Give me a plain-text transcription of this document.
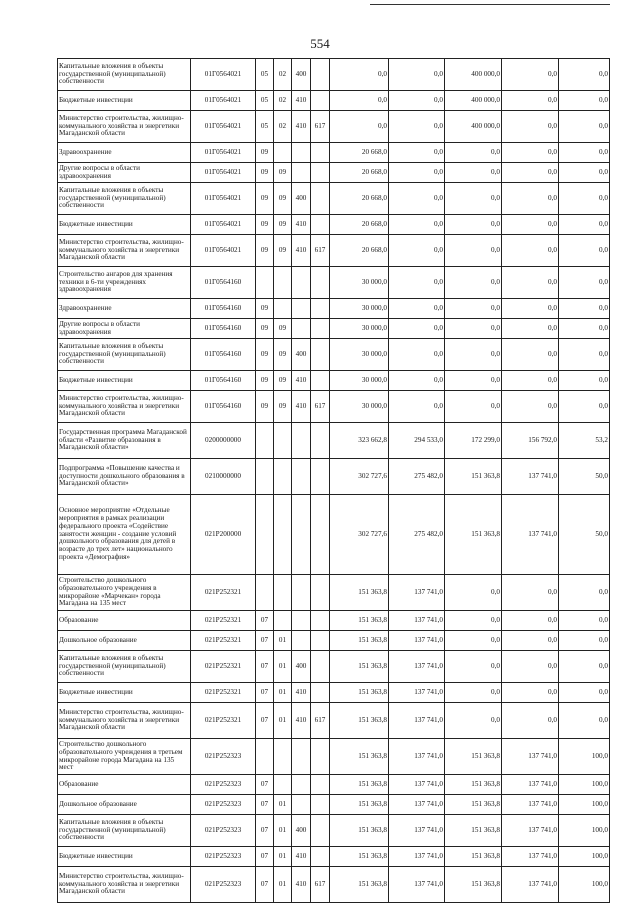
554
Капитальные вложения в объекты государственной (муниципальной) собственности	01Г0564021	05	02	400		0,0	0,0	400 000,0	0,0	0,0
Бюджетные инвестиции	01Г0564021	05	02	410		0,0	0,0	400 000,0	0,0	0,0
Министерство строительства, жилищно-коммунального хозяйства и энергетики Магаданской области	01Г0564021	05	02	410	617	0,0	0,0	400 000,0	0,0	0,0
Здравоохранение	01Г0564021	09				20 668,0	0,0	0,0	0,0	0,0
Другие вопросы в области здравоохранения	01Г0564021	09	09			20 668,0	0,0	0,0	0,0	0,0
Капитальные вложения в объекты государственной (муниципальной) собственности	01Г0564021	09	09	400		20 668,0	0,0	0,0	0,0	0,0
Бюджетные инвестиции	01Г0564021	09	09	410		20 668,0	0,0	0,0	0,0	0,0
Министерство строительства, жилищно-коммунального хозяйства и энергетики Магаданской области	01Г0564021	09	09	410	617	20 668,0	0,0	0,0	0,0	0,0
Строительство ангаров для хранения техники в 6-ти учреждениях здравоохранения	01Г0564160					30 000,0	0,0	0,0	0,0	0,0
Здравоохранение	01Г0564160	09				30 000,0	0,0	0,0	0,0	0,0
Другие вопросы в области здравоохранения	01Г0564160	09	09			30 000,0	0,0	0,0	0,0	0,0
Капитальные вложения в объекты государственной (муниципальной) собственности	01Г0564160	09	09	400		30 000,0	0,0	0,0	0,0	0,0
Бюджетные инвестиции	01Г0564160	09	09	410		30 000,0	0,0	0,0	0,0	0,0
Министерство строительства, жилищно-коммунального хозяйства и энергетики Магаданской области	01Г0564160	09	09	410	617	30 000,0	0,0	0,0	0,0	0,0
Государственная программа Магаданской области «Развитие образования в Магаданской области»	0200000000					323 662,8	294 533,0	172 299,0	156 792,0	53,2
Подпрограмма «Повышение качества и доступности дошкольного образования в Магаданской области»	0210000000					302 727,6	275 482,0	151 363,8	137 741,0	50,0
Основное мероприятие «Отдельные мероприятия в рамках реализации федерального проекта «Содействие занятости женщин - создание условий дошкольного образования для детей в возрасте до трех лет» национального проекта «Демография»	021P200000					302 727,6	275 482,0	151 363,8	137 741,0	50,0
Строительство дошкольного образовательного учреждения в микрорайоне «Марчекан» города Магадана на 135 мест	021P252321					151 363,8	137 741,0	0,0	0,0	0,0
Образование	021P252321	07				151 363,8	137 741,0	0,0	0,0	0,0
Дошкольное образование	021P252321	07	01			151 363,8	137 741,0	0,0	0,0	0,0
Капитальные вложения в объекты государственной (муниципальной) собственности	021P252321	07	01	400		151 363,8	137 741,0	0,0	0,0	0,0
Бюджетные инвестиции	021P252321	07	01	410		151 363,8	137 741,0	0,0	0,0	0,0
Министерство строительства, жилищно-коммунального хозяйства и энергетики Магаданской области	021P252321	07	01	410	617	151 363,8	137 741,0	0,0	0,0	0,0
Строительство дошкольного образовательного учреждения в третьем микрорайоне города Магадана на 135 мест	021P252323					151 363,8	137 741,0	151 363,8	137 741,0	100,0
Образование	021P252323	07				151 363,8	137 741,0	151 363,8	137 741,0	100,0
Дошкольное образование	021P252323	07	01			151 363,8	137 741,0	151 363,8	137 741,0	100,0
Капитальные вложения в объекты государственной (муниципальной) собственности	021P252323	07	01	400		151 363,8	137 741,0	151 363,8	137 741,0	100,0
Бюджетные инвестиции	021P252323	07	01	410		151 363,8	137 741,0	151 363,8	137 741,0	100,0
Министерство строительства, жилищно-коммунального хозяйства и энергетики Магаданской области	021P252323	07	01	410	617	151 363,8	137 741,0	151 363,8	137 741,0	100,0
